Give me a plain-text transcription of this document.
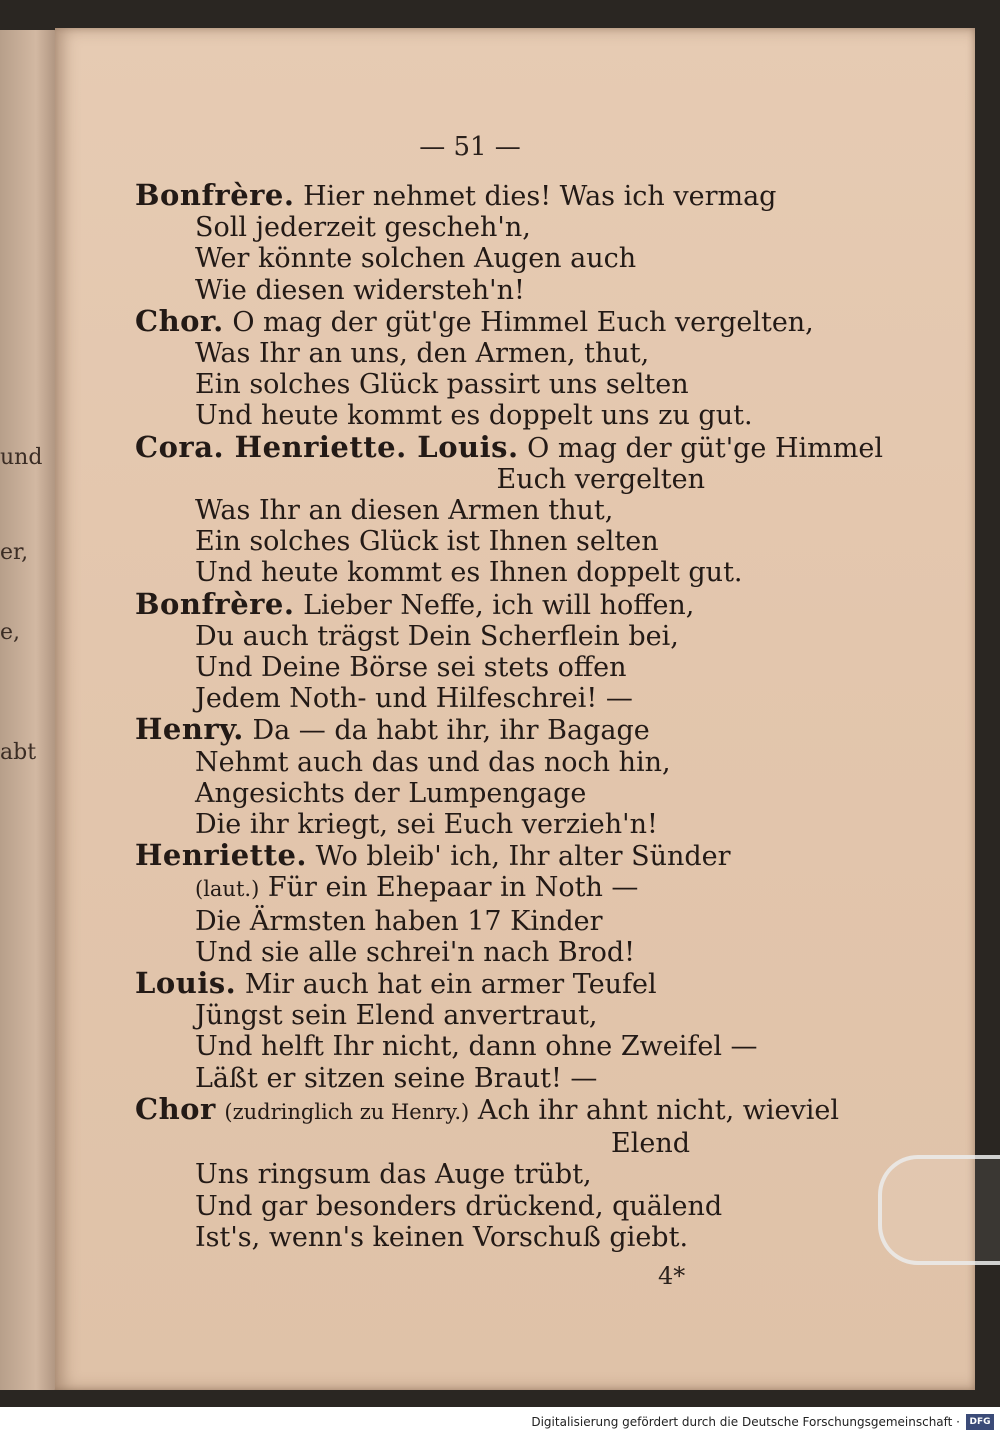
und
er,
e,
abt
— 51 —
Bonfrère. Hier nehmet dies! Was ich vermag
Soll jederzeit gescheh'n,
Wer könnte solchen Augen auch
Wie diesen widersteh'n!
Chor. O mag der güt'ge Himmel Euch vergelten,
Was Ihr an uns, den Armen, thut,
Ein solches Glück passirt uns selten
Und heute kommt es doppelt uns zu gut.
Cora. Henriette. Louis. O mag der güt'ge Himmel
Euch vergelten
Was Ihr an diesen Armen thut,
Ein solches Glück ist Ihnen selten
Und heute kommt es Ihnen doppelt gut.
Bonfrère. Lieber Neffe, ich will hoffen,
Du auch trägst Dein Scherflein bei,
Und Deine Börse sei stets offen
Jedem Noth- und Hilfeschrei! —
Henry. Da — da habt ihr, ihr Bagage
Nehmt auch das und das noch hin,
Angesichts der Lumpengage
Die ihr kriegt, sei Euch verzieh'n!
Henriette. Wo bleib' ich, Ihr alter Sünder
(laut.) Für ein Ehepaar in Noth —
Die Ärmsten haben 17 Kinder
Und sie alle schrei'n nach Brod!
Louis. Mir auch hat ein armer Teufel
Jüngst sein Elend anvertraut,
Und helft Ihr nicht, dann ohne Zweifel —
Läßt er sitzen seine Braut! —
Chor (zudringlich zu Henry.) Ach ihr ahnt nicht, wieviel
Elend
Uns ringsum das Auge trübt,
Und gar besonders drückend, quälend
Ist's, wenn's keinen Vorschuß giebt.
4*
Digitalisierung gefördert durch die Deutsche Forschungsgemeinschaft ·	DFG
